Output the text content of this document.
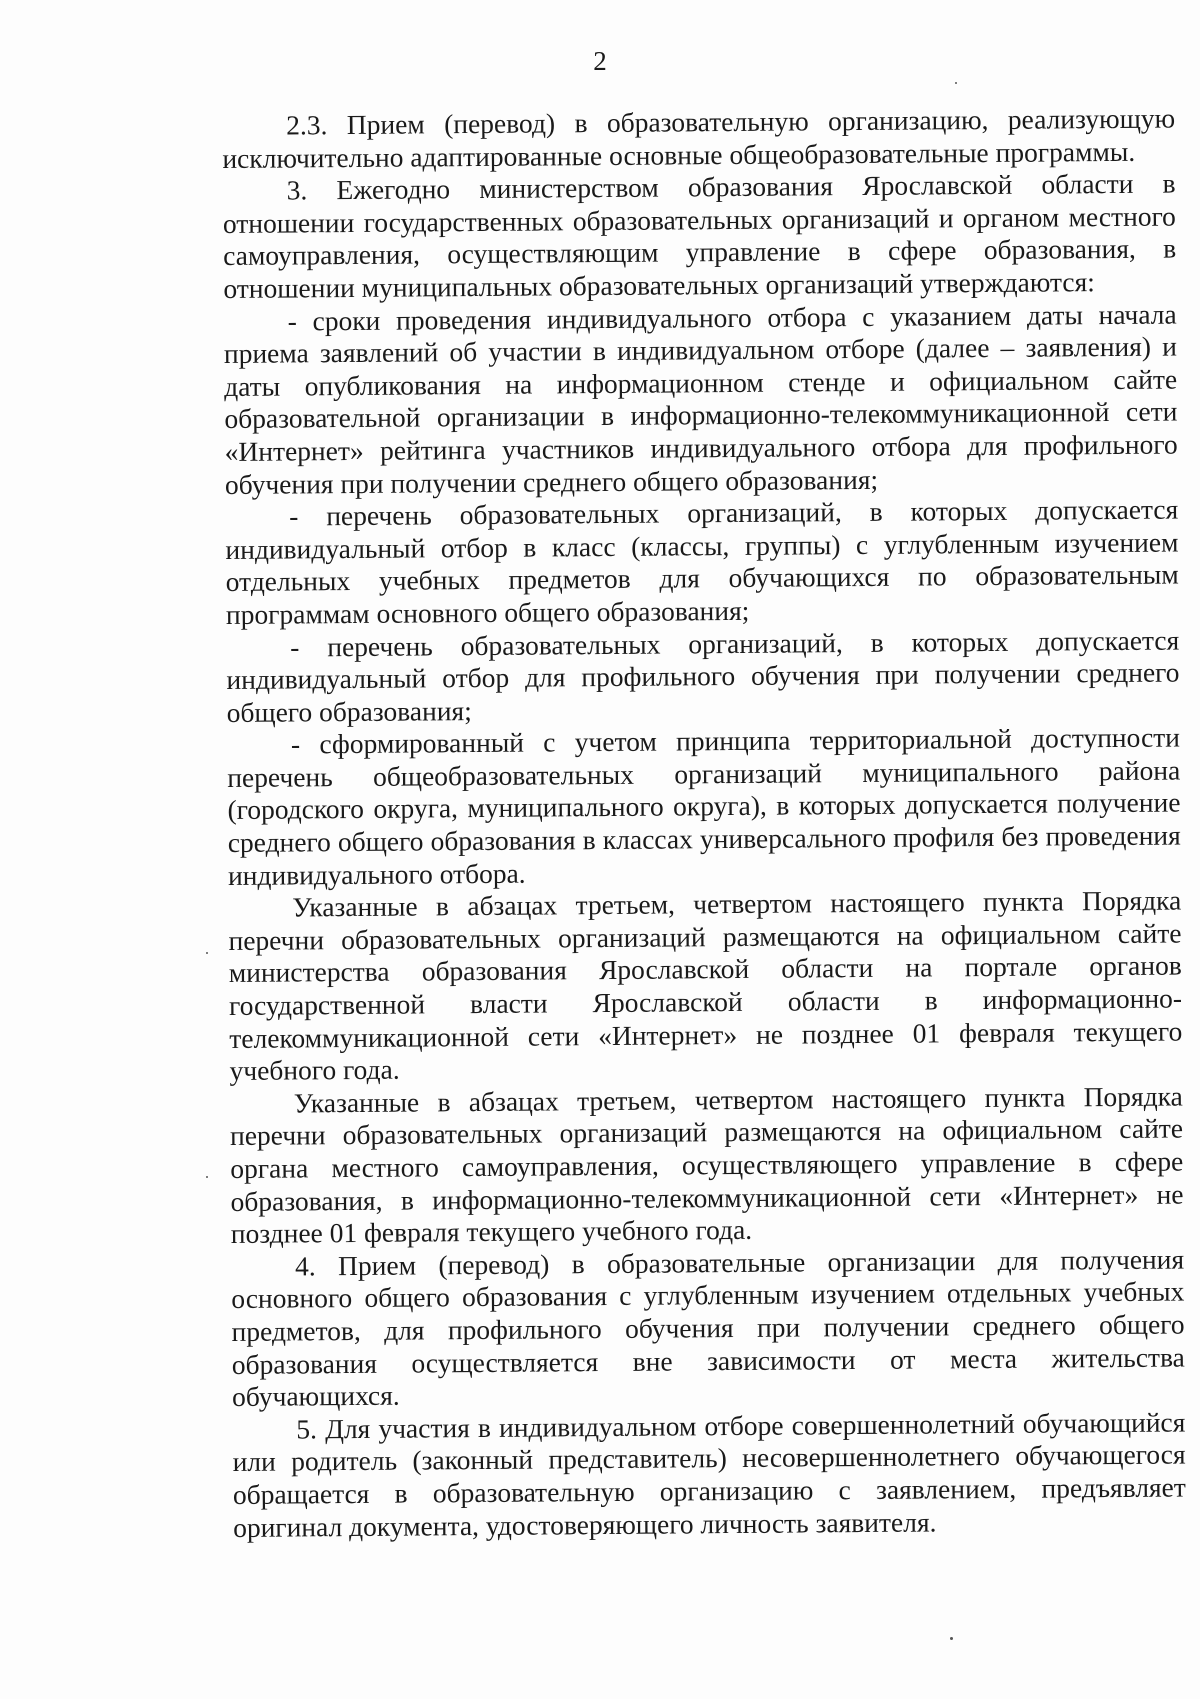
2

2.3. Прием (перевод) в образовательную организацию, реализующую исключительно адаптированные основные общеобразовательные программы.

3. Ежегодно министерством образования Ярославской области в отношении государственных образовательных организаций и органом местного самоуправления, осуществляющим управление в сфере образования, в отношении муниципальных образовательных организаций утверждаются:

- сроки проведения индивидуального отбора с указанием даты начала приема заявлений об участии в индивидуальном отборе (далее – заявления) и даты опубликования на информационном стенде и официальном сайте образовательной организации в информационно-телекоммуникационной сети «Интернет» рейтинга участников индивидуального отбора для профильного обучения при получении среднего общего образования;

- перечень образовательных организаций, в которых допускается индивидуальный отбор в класс (классы, группы) с углубленным изучением отдельных учебных предметов для обучающихся по образовательным программам основного общего образования;

- перечень образовательных организаций, в которых допускается индивидуальный отбор для профильного обучения при получении среднего общего образования;

- сформированный с учетом принципа территориальной доступности перечень общеобразовательных организаций муниципального района (городского округа, муниципального округа), в которых допускается получение среднего общего образования в классах универсального профиля без проведения индивидуального отбора.

Указанные в абзацах третьем, четвертом настоящего пункта Порядка перечни образовательных организаций размещаются на официальном сайте министерства образования Ярославской области на портале органов государственной власти Ярославской области в информационно-телекоммуникационной сети «Интернет» не позднее 01 февраля текущего учебного года.

Указанные в абзацах третьем, четвертом настоящего пункта Порядка перечни образовательных организаций размещаются на официальном сайте органа местного самоуправления, осуществляющего управление в сфере образования, в информационно-телекоммуникационной сети «Интернет» не позднее 01 февраля текущего учебного года.

4. Прием (перевод) в образовательные организации для получения основного общего образования с углубленным изучением отдельных учебных предметов, для профильного обучения при получении среднего общего образования осуществляется вне зависимости от места жительства обучающихся.

5. Для участия в индивидуальном отборе совершеннолетний обучающийся или родитель (законный представитель) несовершеннолетнего обучающегося обращается в образовательную организацию с заявлением, предъявляет оригинал документа, удостоверяющего личность заявителя.
